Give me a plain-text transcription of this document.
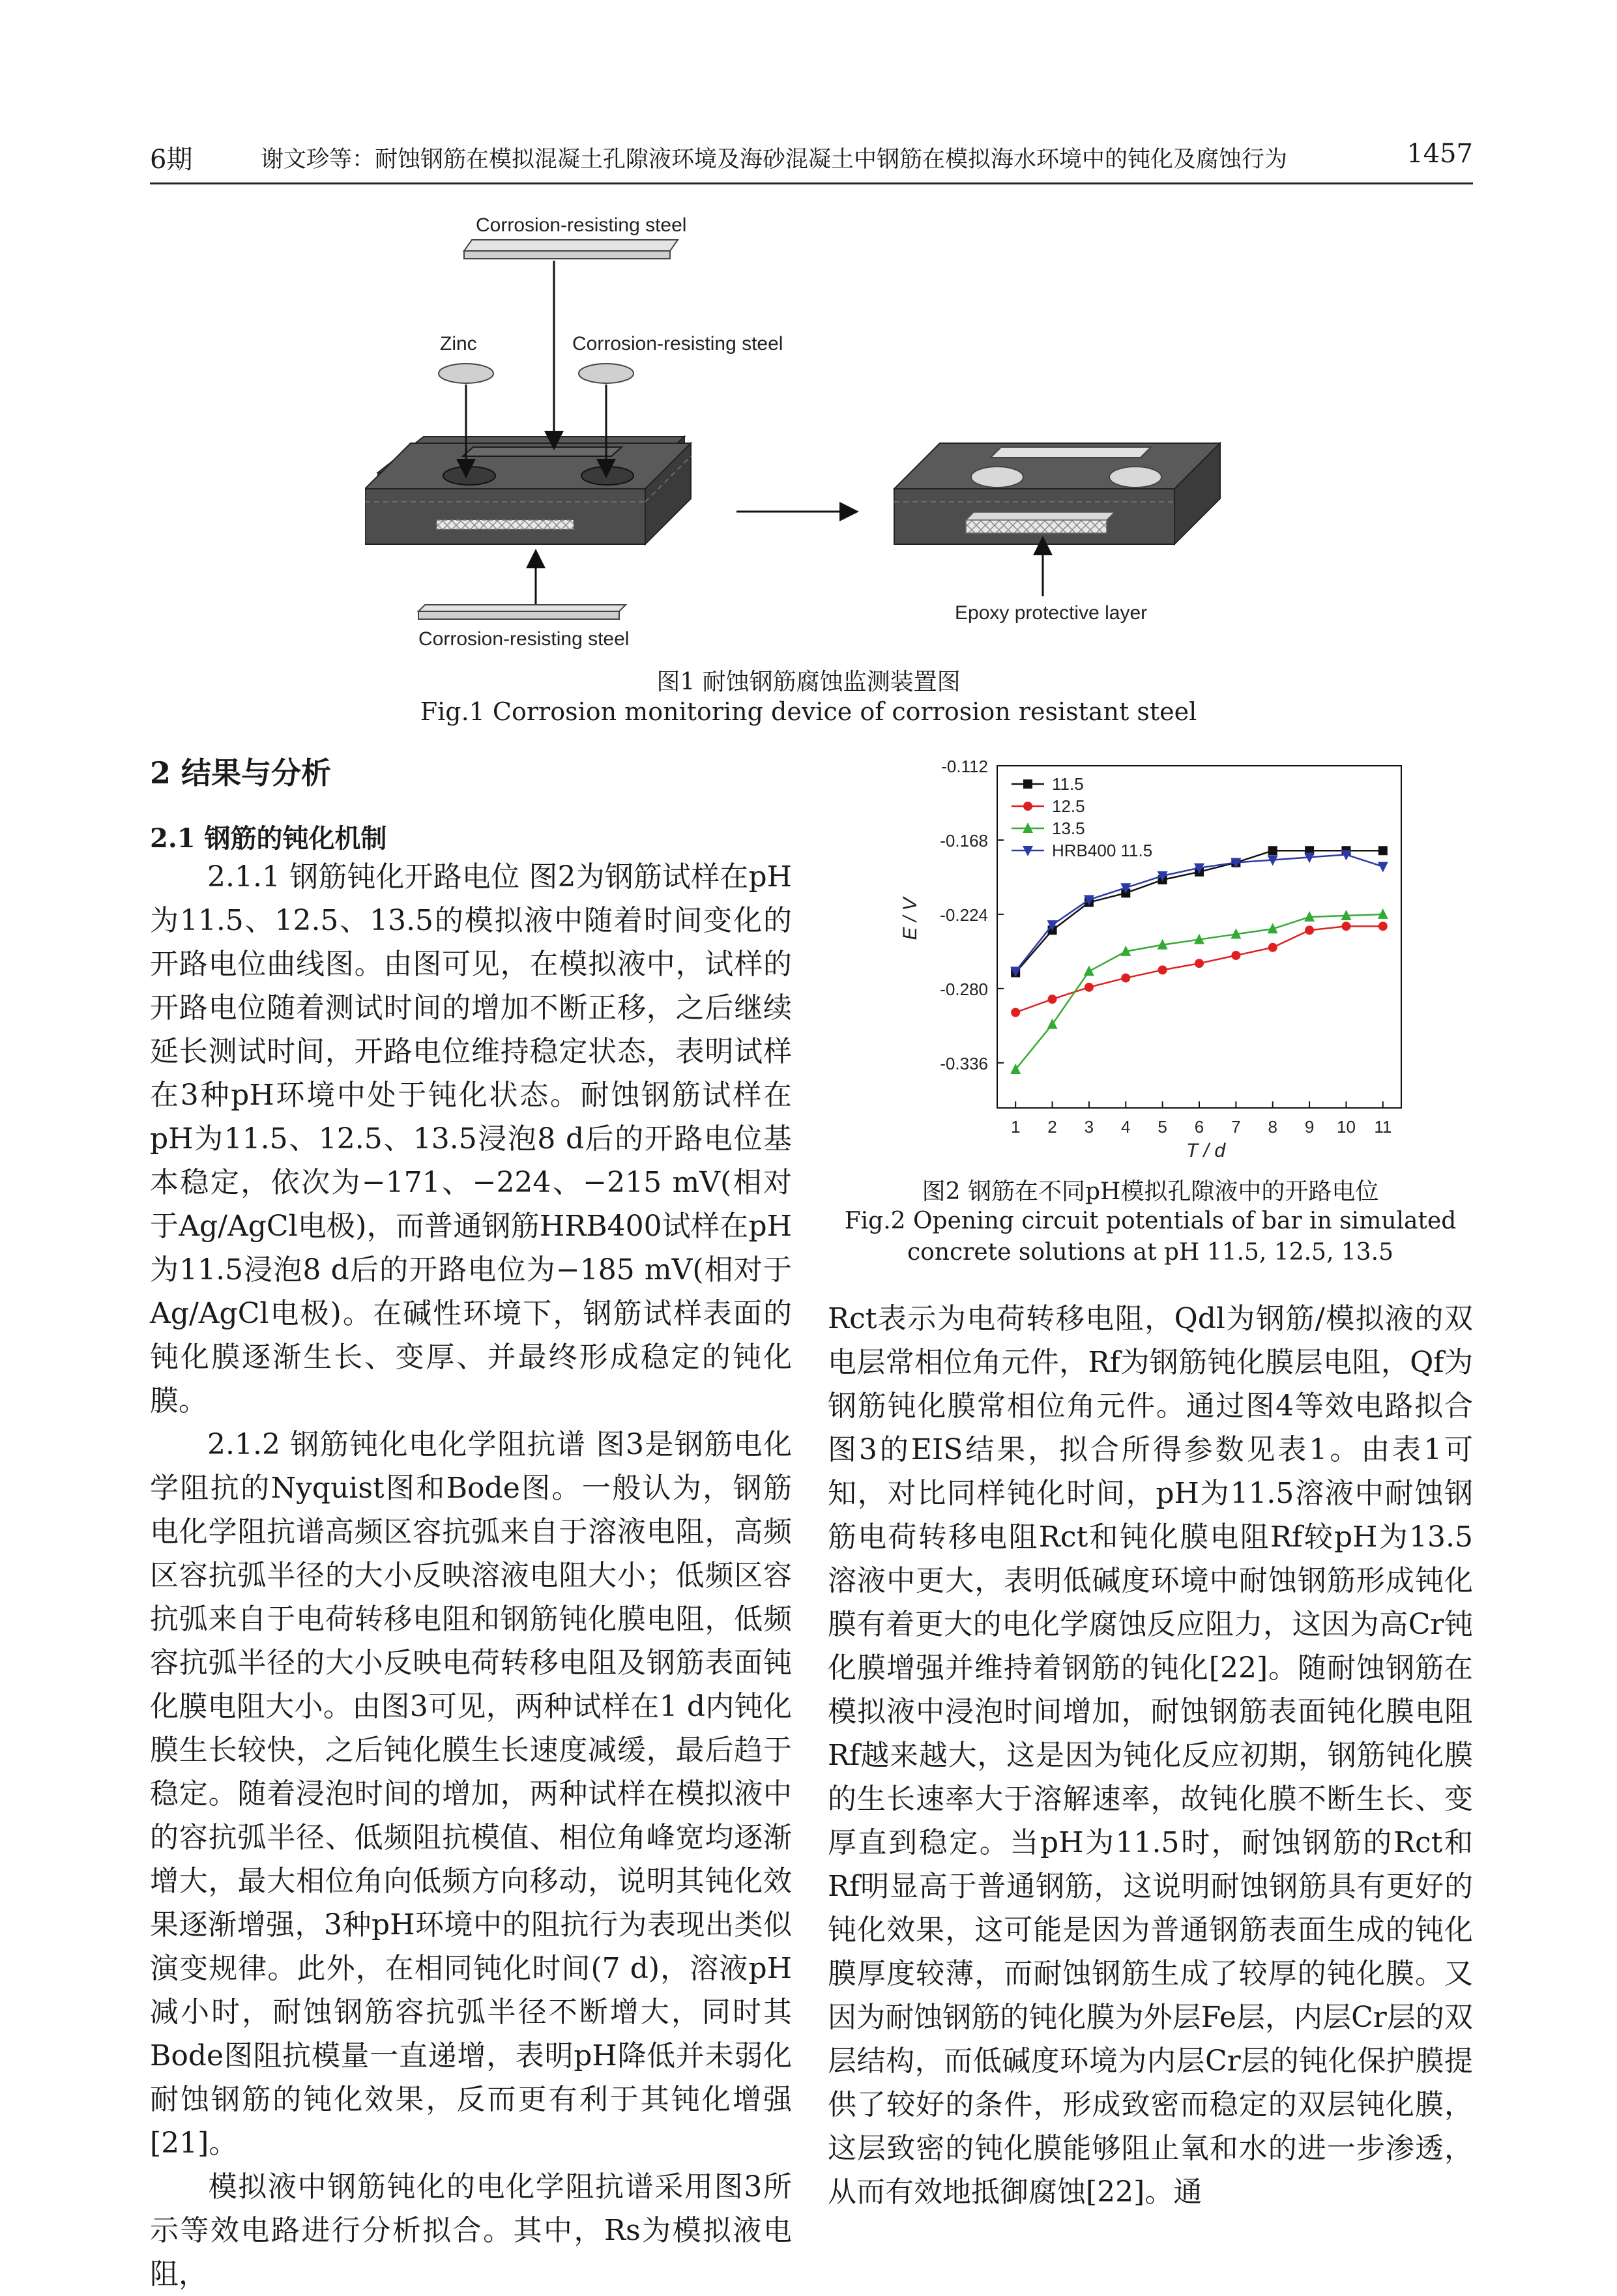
6期	谢文珍等：耐蚀钢筋在模拟混凝土孔隙液环境及海砂混凝土中钢筋在模拟海水环境中的钝化及腐蚀行为	1457
Corrosion-resisting steel
Zinc	Corrosion-resisting steel
Corrosion-resisting steel
Epoxy protective layer
图1 耐蚀钢筋腐蚀监测装置图
Fig.1 Corrosion monitoring device of corrosion resistant steel
2 结果与分析
2.1 钢筋的钝化机制

2.1.1 钢筋钝化开路电位 图2为钢筋试样在pH为11.5、12.5、13.5的模拟液中随着时间变化的开路电位曲线图。由图可见，在模拟液中，试样的开路电位随着测试时间的增加不断正移，之后继续延长测试时间，开路电位维持稳定状态，表明试样在3种pH环境中处于钝化状态。耐蚀钢筋试样在pH为11.5、12.5、13.5浸泡8 d后的开路电位基本稳定，依次为−171、−224、−215 mV(相对于Ag/AgCl电极)，而普通钢筋HRB400试样在pH为11.5浸泡8 d后的开路电位为−185 mV(相对于Ag/AgCl电极)。在碱性环境下，钢筋试样表面的钝化膜逐渐生长、变厚、并最终形成稳定的钝化膜。

2.1.2 钢筋钝化电化学阻抗谱 图3是钢筋电化学阻抗的Nyquist图和Bode图。一般认为，钢筋电化学阻抗谱高频区容抗弧来自于溶液电阻，高频区容抗弧半径的大小反映溶液电阻大小；低频区容抗弧来自于电荷转移电阻和钢筋钝化膜电阻，低频容抗弧半径的大小反映电荷转移电阻及钢筋表面钝化膜电阻大小。由图3可见，两种试样在1 d内钝化膜生长较快，之后钝化膜生长速度减缓，最后趋于稳定。随着浸泡时间的增加，两种试样在模拟液中的容抗弧半径、低频阻抗模值、相位角峰宽均逐渐增大，最大相位角向低频方向移动，说明其钝化效果逐渐增强，3种pH环境中的阻抗行为表现出类似演变规律。此外，在相同钝化时间(7 d)，溶液pH减小时，耐蚀钢筋容抗弧半径不断增大，同时其Bode图阻抗模量一直递增，表明pH降低并未弱化耐蚀钢筋的钝化效果，反而更有利于其钝化增强[21]。

模拟液中钢筋钝化的电化学阻抗谱采用图3所示等效电路进行分析拟合。其中，Rs为模拟液电阻，

-0.112
-0.168
-0.224
-0.280
-0.336
1 2 3 4 5 6 7 8 9 10 11
11.5
12.5
13.5
HRB400 11.5
E / V
T / d
图2 钢筋在不同pH模拟孔隙液中的开路电位
Fig.2 Opening circuit potentials of bar in simulated concrete solutions at pH 11.5, 12.5, 13.5

Rct表示为电荷转移电阻，Qdl为钢筋/模拟液的双电层常相位角元件，Rf为钢筋钝化膜层电阻，Qf为钢筋钝化膜常相位角元件。通过图4等效电路拟合图3的EIS结果，拟合所得参数见表1。由表1可知，对比同样钝化时间，pH为11.5溶液中耐蚀钢筋电荷转移电阻Rct和钝化膜电阻Rf较pH为13.5溶液中更大，表明低碱度环境中耐蚀钢筋形成钝化膜有着更大的电化学腐蚀反应阻力，这因为高Cr钝化膜增强并维持着钢筋的钝化[22]。随耐蚀钢筋在模拟液中浸泡时间增加，耐蚀钢筋表面钝化膜电阻Rf越来越大，这是因为钝化反应初期，钢筋钝化膜的生长速率大于溶解速率，故钝化膜不断生长、变厚直到稳定。当pH为11.5时，耐蚀钢筋的Rct和Rf明显高于普通钢筋，这说明耐蚀钢筋具有更好的钝化效果，这可能是因为普通钢筋表面生成的钝化膜厚度较薄，而耐蚀钢筋生成了较厚的钝化膜。又因为耐蚀钢筋的钝化膜为外层Fe层，内层Cr层的双层结构，而低碱度环境为内层Cr层的钝化保护膜提供了较好的条件，形成致密而稳定的双层钝化膜，这层致密的钝化膜能够阻止氧和水的进一步渗透，从而有效地抵御腐蚀[22]。通
